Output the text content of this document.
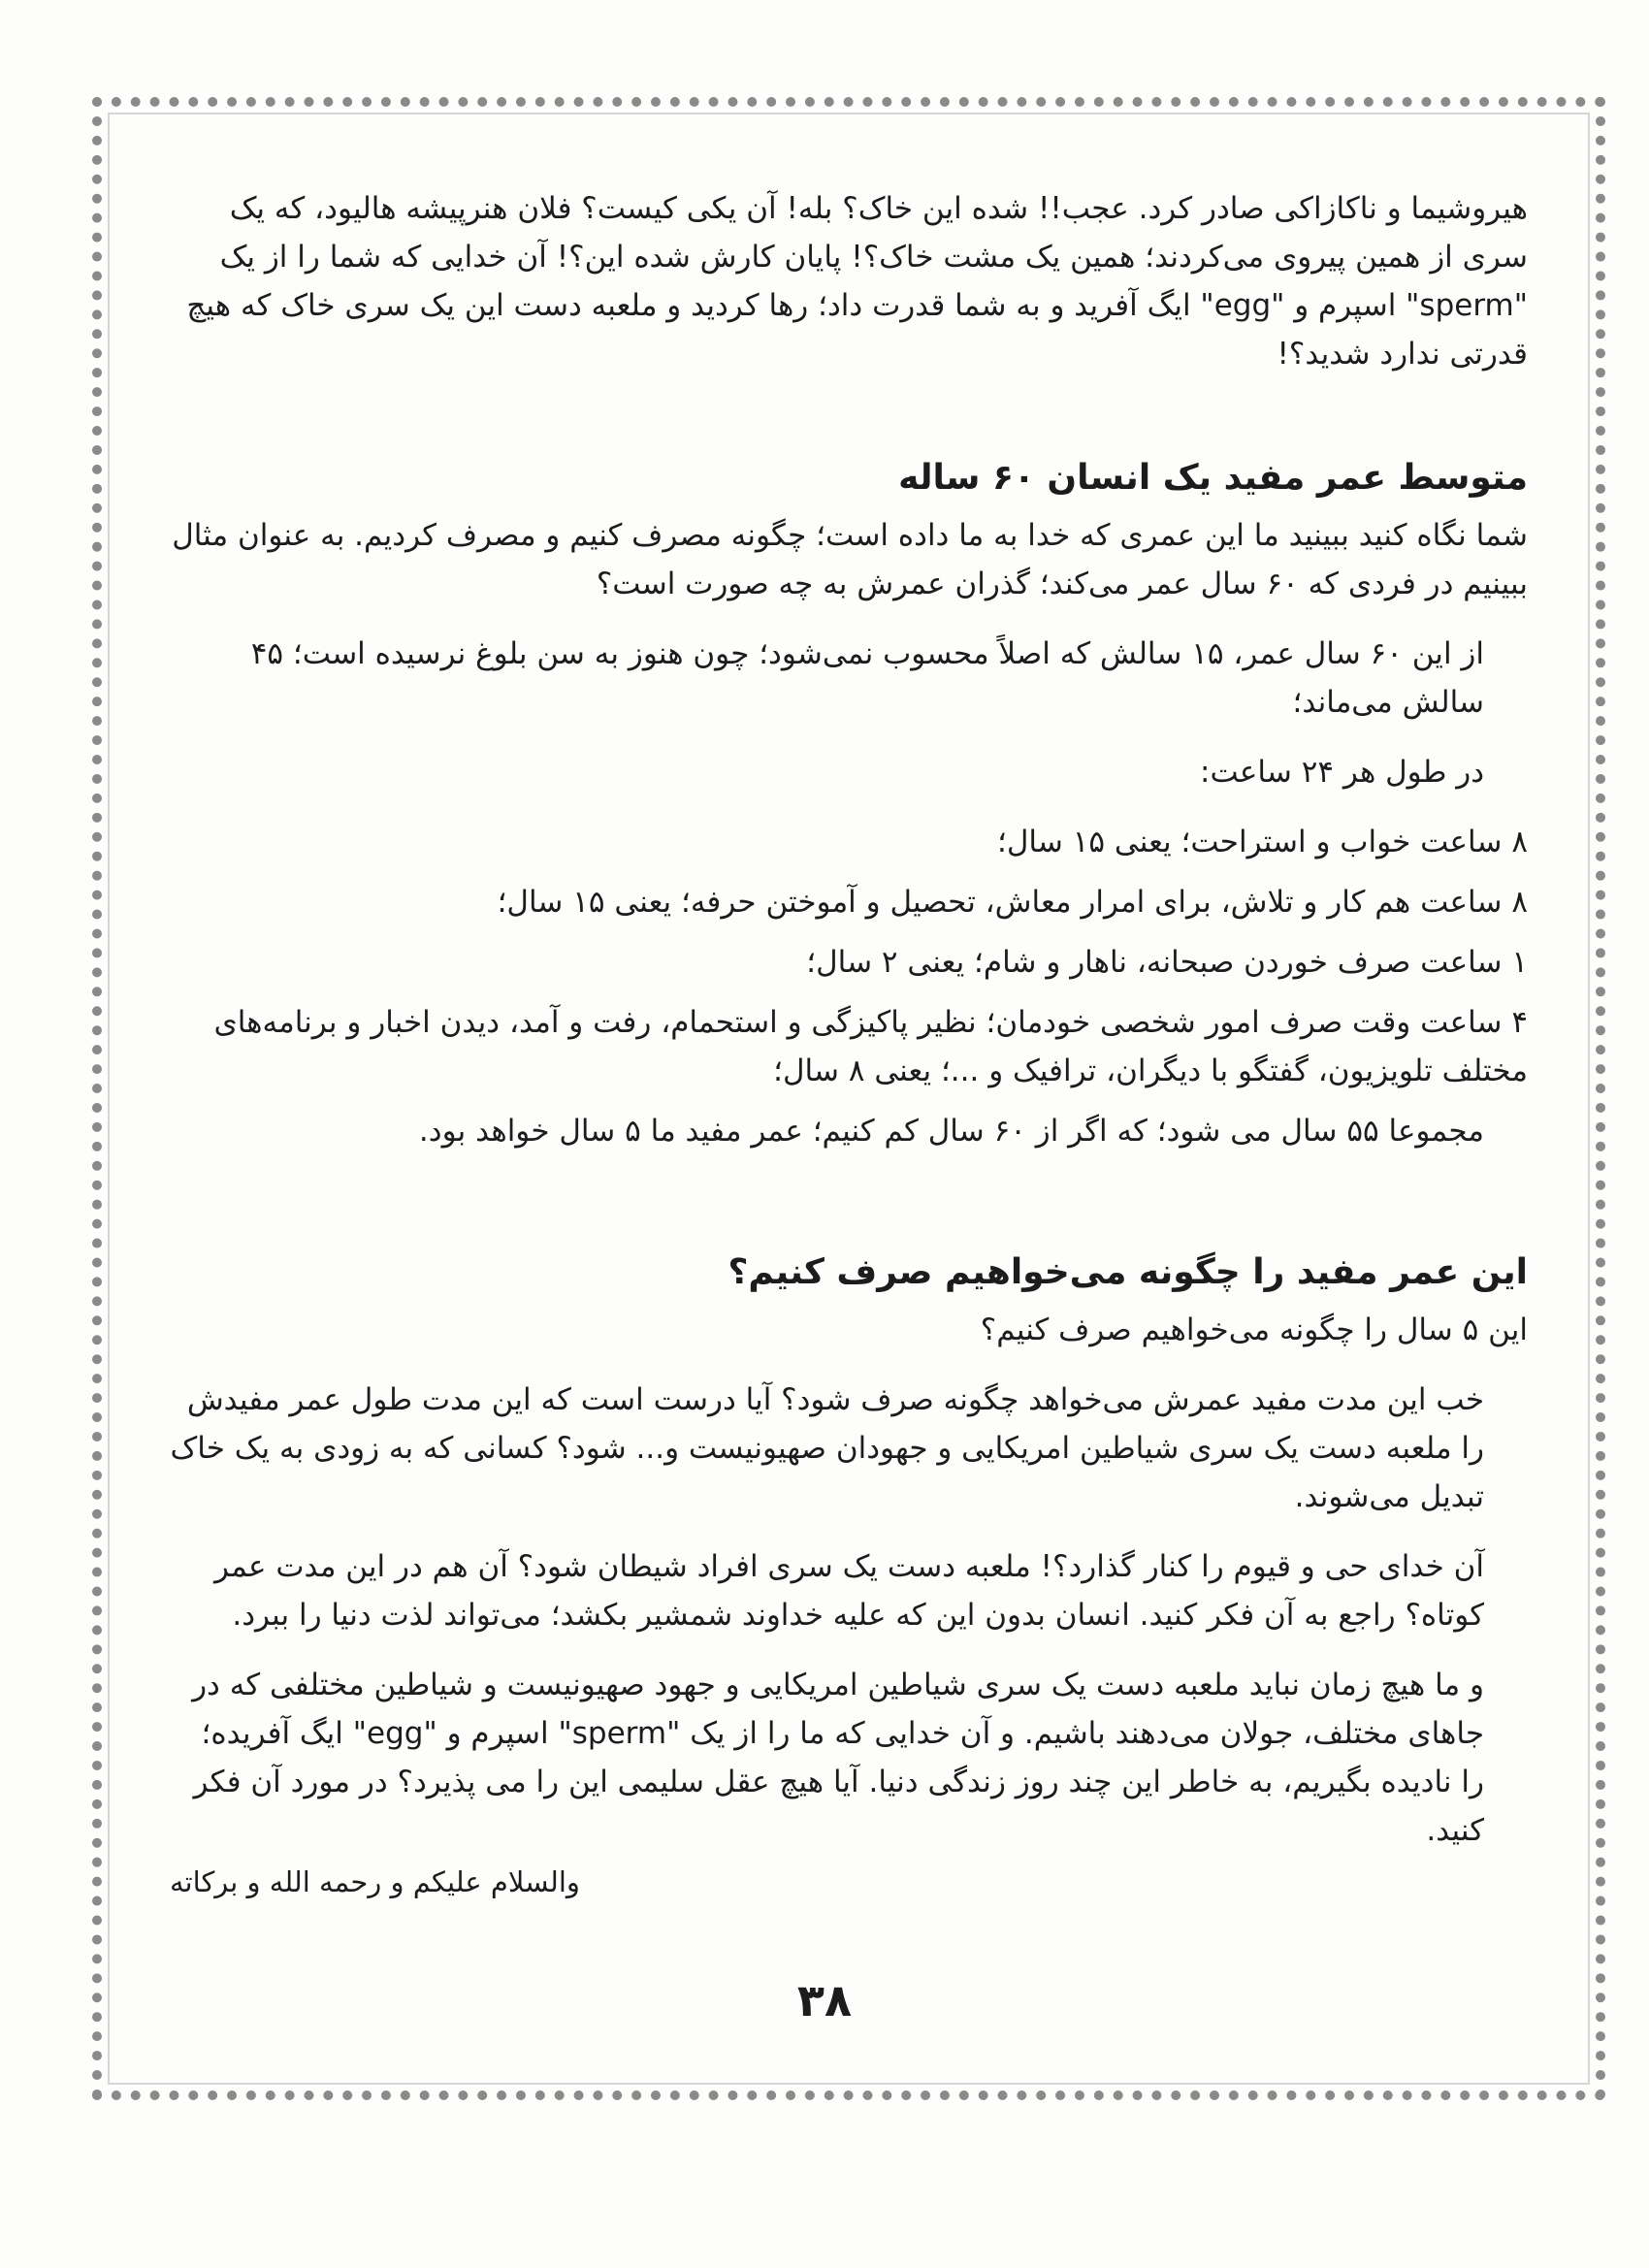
هیروشیما و ناکازاکی صادر کرد. عجب!! شده این خاک؟ بله! آن یکی کیست؟ فلان هنرپیشه هالیود، که یک سری از همین پیروی می‌کردند؛ همین یک مشت خاک؟! پایان کارش شده این؟! آن خدایی که شما را از یک "sperm" اسپرم و "egg" ایگ آفرید و به شما قدرت داد؛ رها کردید و ملعبه دست این یک سری خاک که هیچ قدرتی ندارد شدید؟!

متوسط عمر مفید یک انسان ۶۰ ساله

شما نگاه کنید ببینید ما این عمری که خدا به ما داده است؛ چگونه مصرف کنیم و مصرف کردیم. به عنوان مثال ببینیم در فردی که ۶۰ سال عمر می‌کند؛ گذران عمرش به چه صورت است؟

از این ۶۰ سال عمر، ۱۵ سالش که اصلاً محسوب نمی‌شود؛ چون هنوز به سن بلوغ نرسیده است؛ ۴۵ سالش می‌ماند؛

در طول هر ۲۴ ساعت:

۸ ساعت خواب و استراحت؛ یعنی ۱۵ سال؛

۸ ساعت هم کار و تلاش، برای امرار معاش، تحصیل و آموختن حرفه؛ یعنی ۱۵ سال؛

۱ ساعت صرف خوردن صبحانه، ناهار و شام؛ یعنی ۲ سال؛

۴ ساعت وقت صرف امور شخصی خودمان؛ نظیر پاکیزگی و استحمام، رفت و آمد، دیدن اخبار و برنامه‌های مختلف تلویزیون، گفتگو با دیگران، ترافیک و ...؛ یعنی ۸ سال؛

مجموعا ۵۵ سال می شود؛ که اگر از ۶۰ سال کم کنیم؛ عمر مفید ما ۵ سال خواهد بود.

این عمر مفید را چگونه می‌خواهیم صرف کنیم؟

این ۵ سال را چگونه می‌خواهیم صرف کنیم؟

خب این مدت مفید عمرش می‌خواهد چگونه صرف شود؟ آیا درست است که این مدت طول عمر مفیدش را ملعبه دست یک سری شیاطین امریکایی و جهودان صهیونیست و... شود؟ کسانی که به زودی به یک خاک تبدیل می‌شوند.

آن خدای حی و قیوم را کنار گذارد؟! ملعبه دست یک سری افراد شیطان شود؟ آن هم در این مدت عمر کوتاه؟ راجع به آن فکر کنید. انسان بدون این که علیه خداوند شمشیر بکشد؛ می‌تواند لذت دنیا را ببرد.

و ما هیچ زمان نباید ملعبه دست یک سری شیاطین امریکایی و جهود صهیونیست و شیاطین مختلفی که در جاهای مختلف، جولان می‌دهند باشیم. و آن خدایی که ما را از یک "sperm" اسپرم و "egg" ایگ آفریده؛ را نادیده بگیریم، به خاطر این چند روز زندگی دنیا. آیا هیچ عقل سلیمی این را می پذیرد؟ در مورد آن فکر کنید.

والسلام علیکم و رحمه الله و برکاته

۳۸
